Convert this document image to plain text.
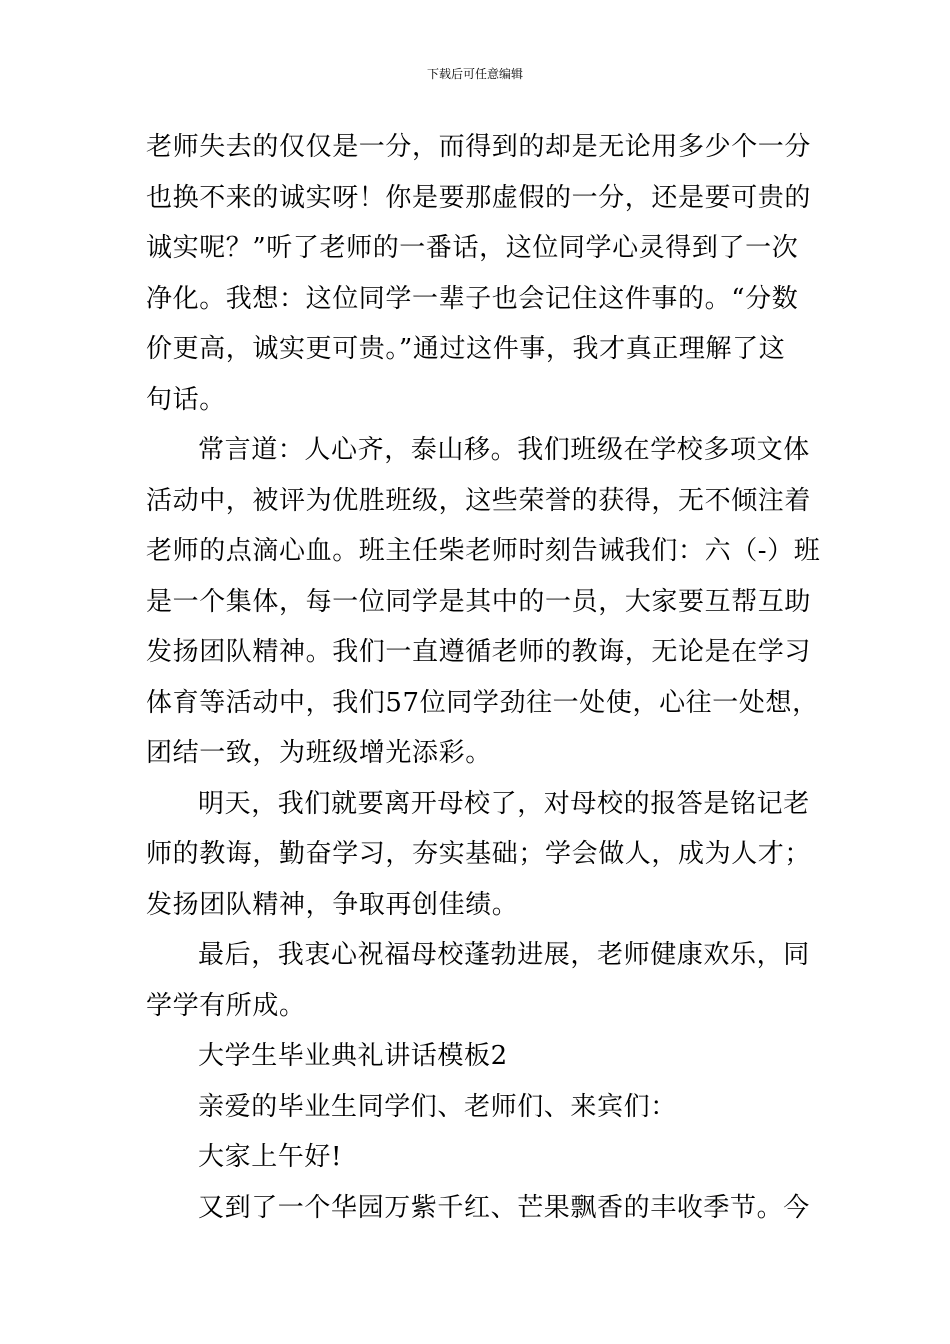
下载后可任意编辑
老师失去的仅仅是一分，而得到的却是无论用多少个一分
也换不来的诚实呀！你是要那虚假的一分，还是要可贵的
诚实呢？”听了老师的一番话，这位同学心灵得到了一次
净化。我想：这位同学一辈子也会记住这件事的。“分数
价更高，诚实更可贵。”通过这件事，我才真正理解了这
句话。
常言道：人心齐，泰山移。我们班级在学校多项文体
活动中，被评为优胜班级，这些荣誉的获得，无不倾注着
老师的点滴心血。班主任柴老师时刻告诫我们：六（-）班
是一个集体，每一位同学是其中的一员，大家要互帮互助
发扬团队精神。我们一直遵循老师的教诲，无论是在学习
体育等活动中，我们57位同学劲往一处使，心往一处想，
团结一致，为班级增光添彩。
明天，我们就要离开母校了，对母校的报答是铭记老
师的教诲，勤奋学习，夯实基础；学会做人，成为人才；
发扬团队精神，争取再创佳绩。
最后，我衷心祝福母校蓬勃进展，老师健康欢乐，同
学学有所成。
大学生毕业典礼讲话模板2
亲爱的毕业生同学们、老师们、来宾们：
大家上午好!
又到了一个华园万紫千红、芒果飘香的丰收季节。今
